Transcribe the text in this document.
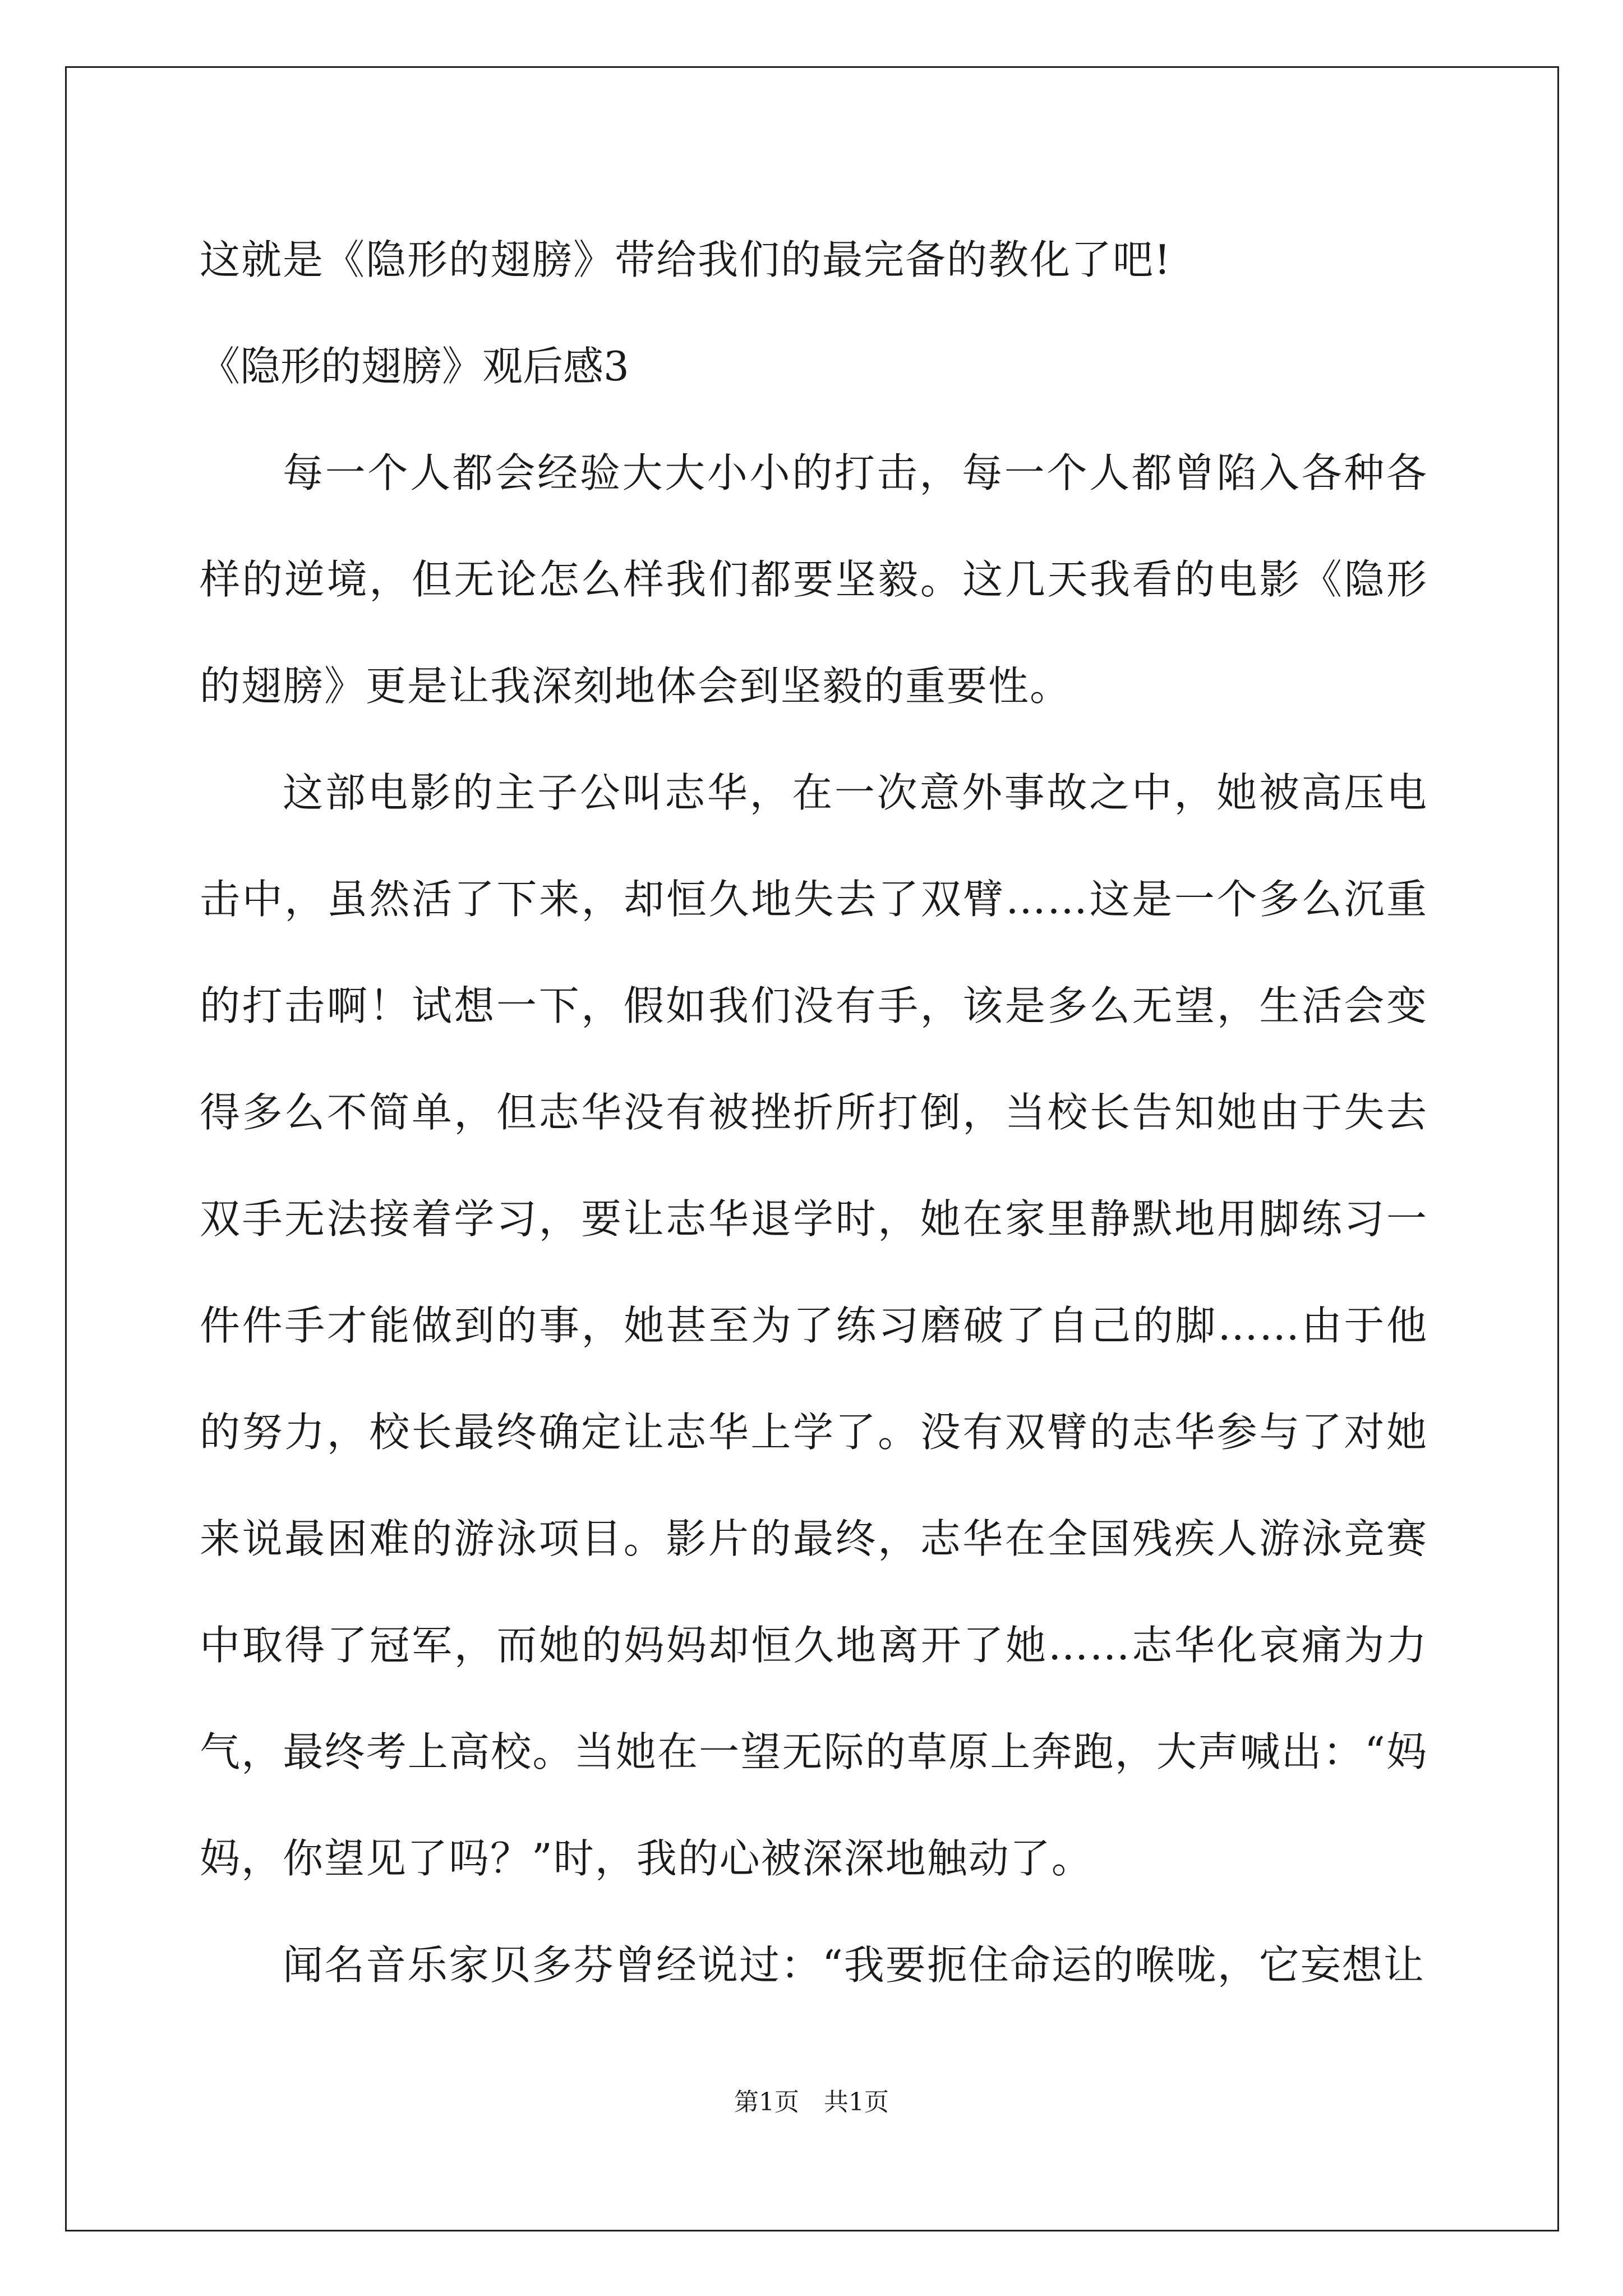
这就是《隐形的翅膀》带给我们的最完备的教化了吧!
《隐形的翅膀》观后感3

每一个人都会经验大大小小的打击，每一个人都曾陷入各种各样的逆境，但无论怎么样我们都要坚毅。这几天我看的电影《隐形的翅膀》更是让我深刻地体会到坚毅的重要性。

这部电影的主子公叫志华，在一次意外事故之中，她被高压电击中，虽然活了下来，却恒久地失去了双臂……这是一个多么沉重的打击啊！试想一下，假如我们没有手，该是多么无望，生活会变得多么不简单，但志华没有被挫折所打倒，当校长告知她由于失去双手无法接着学习，要让志华退学时，她在家里静默地用脚练习一件件手才能做到的事，她甚至为了练习磨破了自己的脚……由于他的努力，校长最终确定让志华上学了。没有双臂的志华参与了对她来说最困难的游泳项目。影片的最终，志华在全国残疾人游泳竞赛中取得了冠军，而她的妈妈却恒久地离开了她……志华化哀痛为力气，最终考上高校。当她在一望无际的草原上奔跑，大声喊出：“妈妈，你望见了吗？”时，我的心被深深地触动了。

闻名音乐家贝多芬曾经说过：“我要扼住命运的喉咙，它妄想让

第1页　共1页
